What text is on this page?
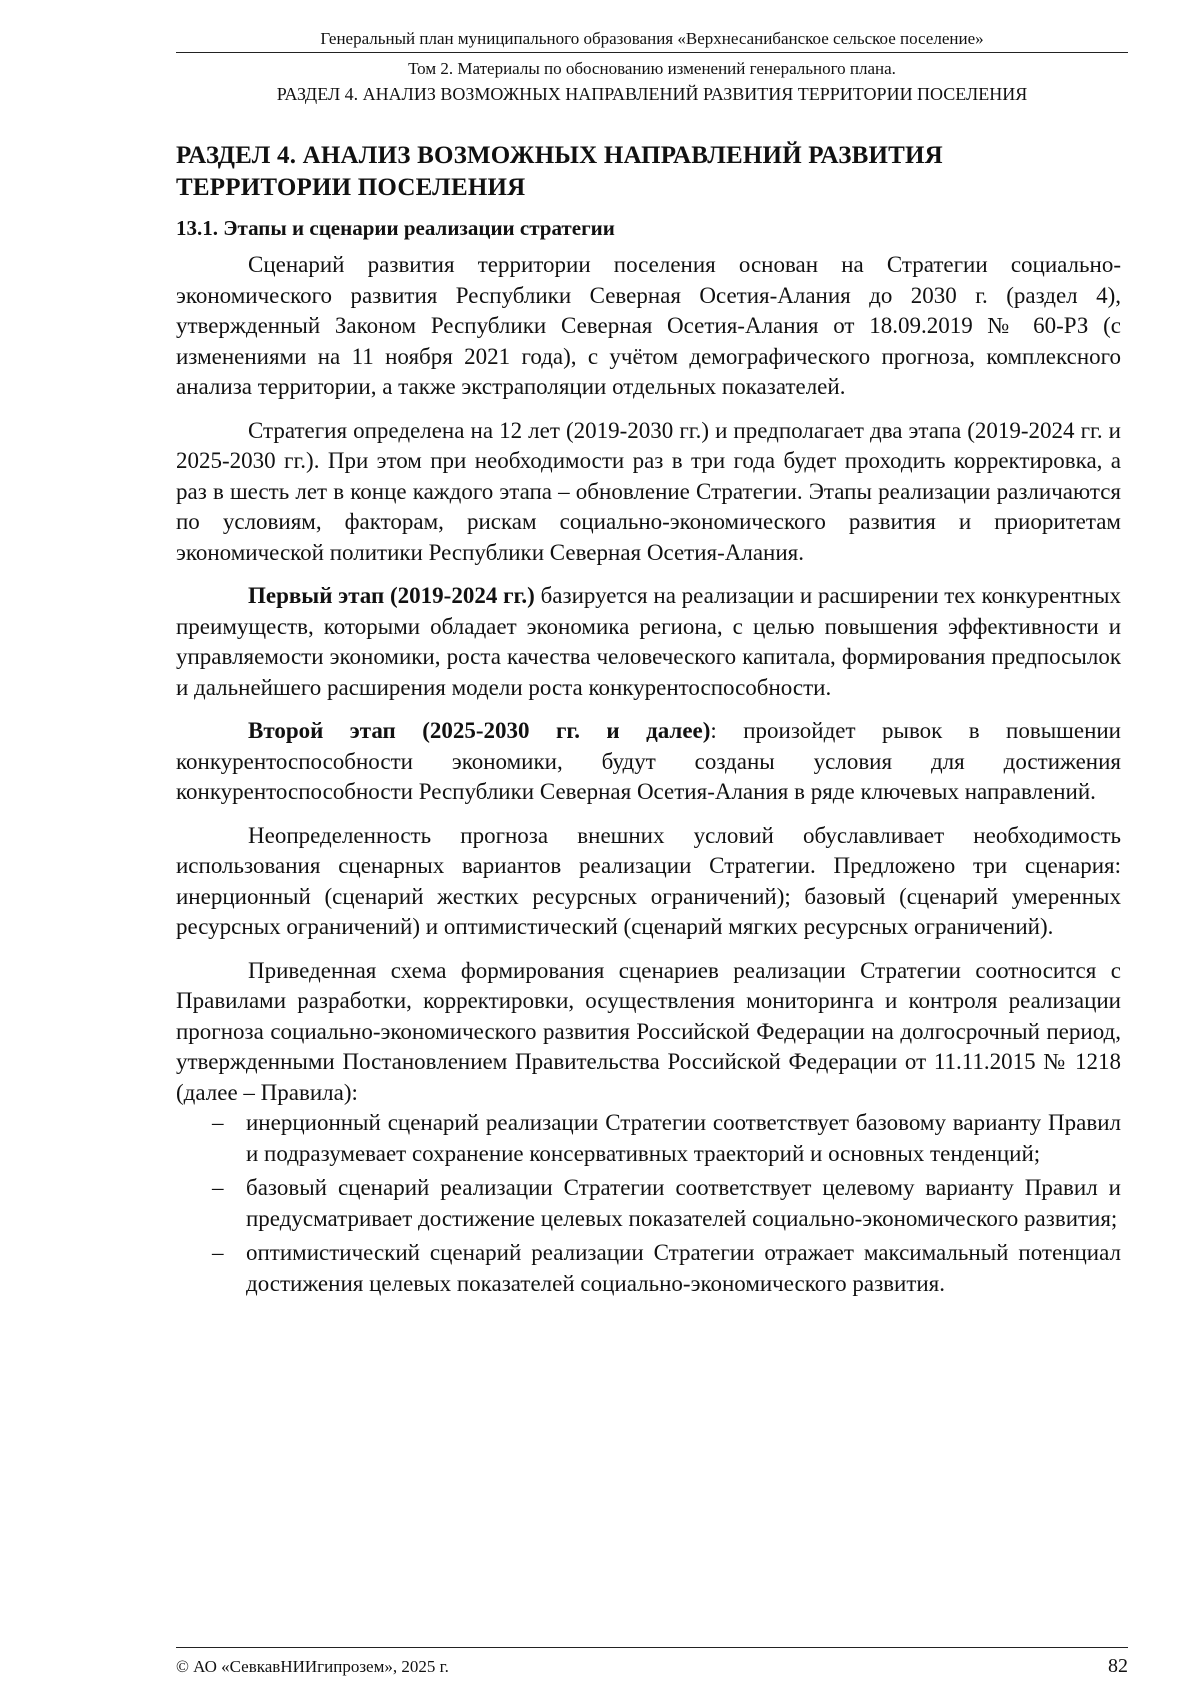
Генеральный план муниципального образования «Верхнесанибанское сельское поселение»
Том 2. Материалы по обоснованию изменений генерального плана.
РАЗДЕЛ 4. АНАЛИЗ ВОЗМОЖНЫХ НАПРАВЛЕНИЙ РАЗВИТИЯ ТЕРРИТОРИИ ПОСЕЛЕНИЯ
РАЗДЕЛ 4. АНАЛИЗ ВОЗМОЖНЫХ НАПРАВЛЕНИЙ РАЗВИТИЯ ТЕРРИТОРИИ ПОСЕЛЕНИЯ
13.1. Этапы и сценарии реализации стратегии

Сценарий развития территории поселения основан на Стратегии социально-экономического развития Республики Северная Осетия-Алания до 2030 г. (раздел 4), утвержденный Законом Республики Северная Осетия-Алания от 18.09.2019 № 60-РЗ (с изменениями на 11 ноября 2021 года), с учётом демографического прогноза, комплексного анализа территории, а также экстраполяции отдельных показателей.

Стратегия определена на 12 лет (2019-2030 гг.) и предполагает два этапа (2019-2024 гг. и 2025-2030 гг.). При этом при необходимости раз в три года будет проходить корректировка, а раз в шесть лет в конце каждого этапа – обновление Стратегии. Этапы реализации различаются по условиям, факторам, рискам социально-экономического развития и приоритетам экономической политики Республики Северная Осетия-Алания.

Первый этап (2019-2024 гг.) базируется на реализации и расширении тех конкурентных преимуществ, которыми обладает экономика региона, с целью повышения эффективности и управляемости экономики, роста качества человеческого капитала, формирования предпосылок и дальнейшего расширения модели роста конкурентоспособности.

Второй этап (2025-2030 гг. и далее): произойдет рывок в повышении конкурентоспособности экономики, будут созданы условия для достижения конкурентоспособности Республики Северная Осетия-Алания в ряде ключевых направлений.

Неопределенность прогноза внешних условий обуславливает необходимость использования сценарных вариантов реализации Стратегии. Предложено три сценария: инерционный (сценарий жестких ресурсных ограничений); базовый (сценарий умеренных ресурсных ограничений) и оптимистический (сценарий мягких ресурсных ограничений).

Приведенная схема формирования сценариев реализации Стратегии соотносится с Правилами разработки, корректировки, осуществления мониторинга и контроля реализации прогноза социально-экономического развития Российской Федерации на долгосрочный период, утвержденными Постановлением Правительства Российской Федерации от 11.11.2015 № 1218 (далее – Правила):

– инерционный сценарий реализации Стратегии соответствует базовому варианту Правил и подразумевает сохранение консервативных траекторий и основных тенденций;
– базовый сценарий реализации Стратегии соответствует целевому варианту Правил и предусматривает достижение целевых показателей социально-экономического развития;
– оптимистический сценарий реализации Стратегии отражает максимальный потенциал достижения целевых показателей социально-экономического развития.
© АО «СевкавНИИгипрозем», 2025 г.	82
